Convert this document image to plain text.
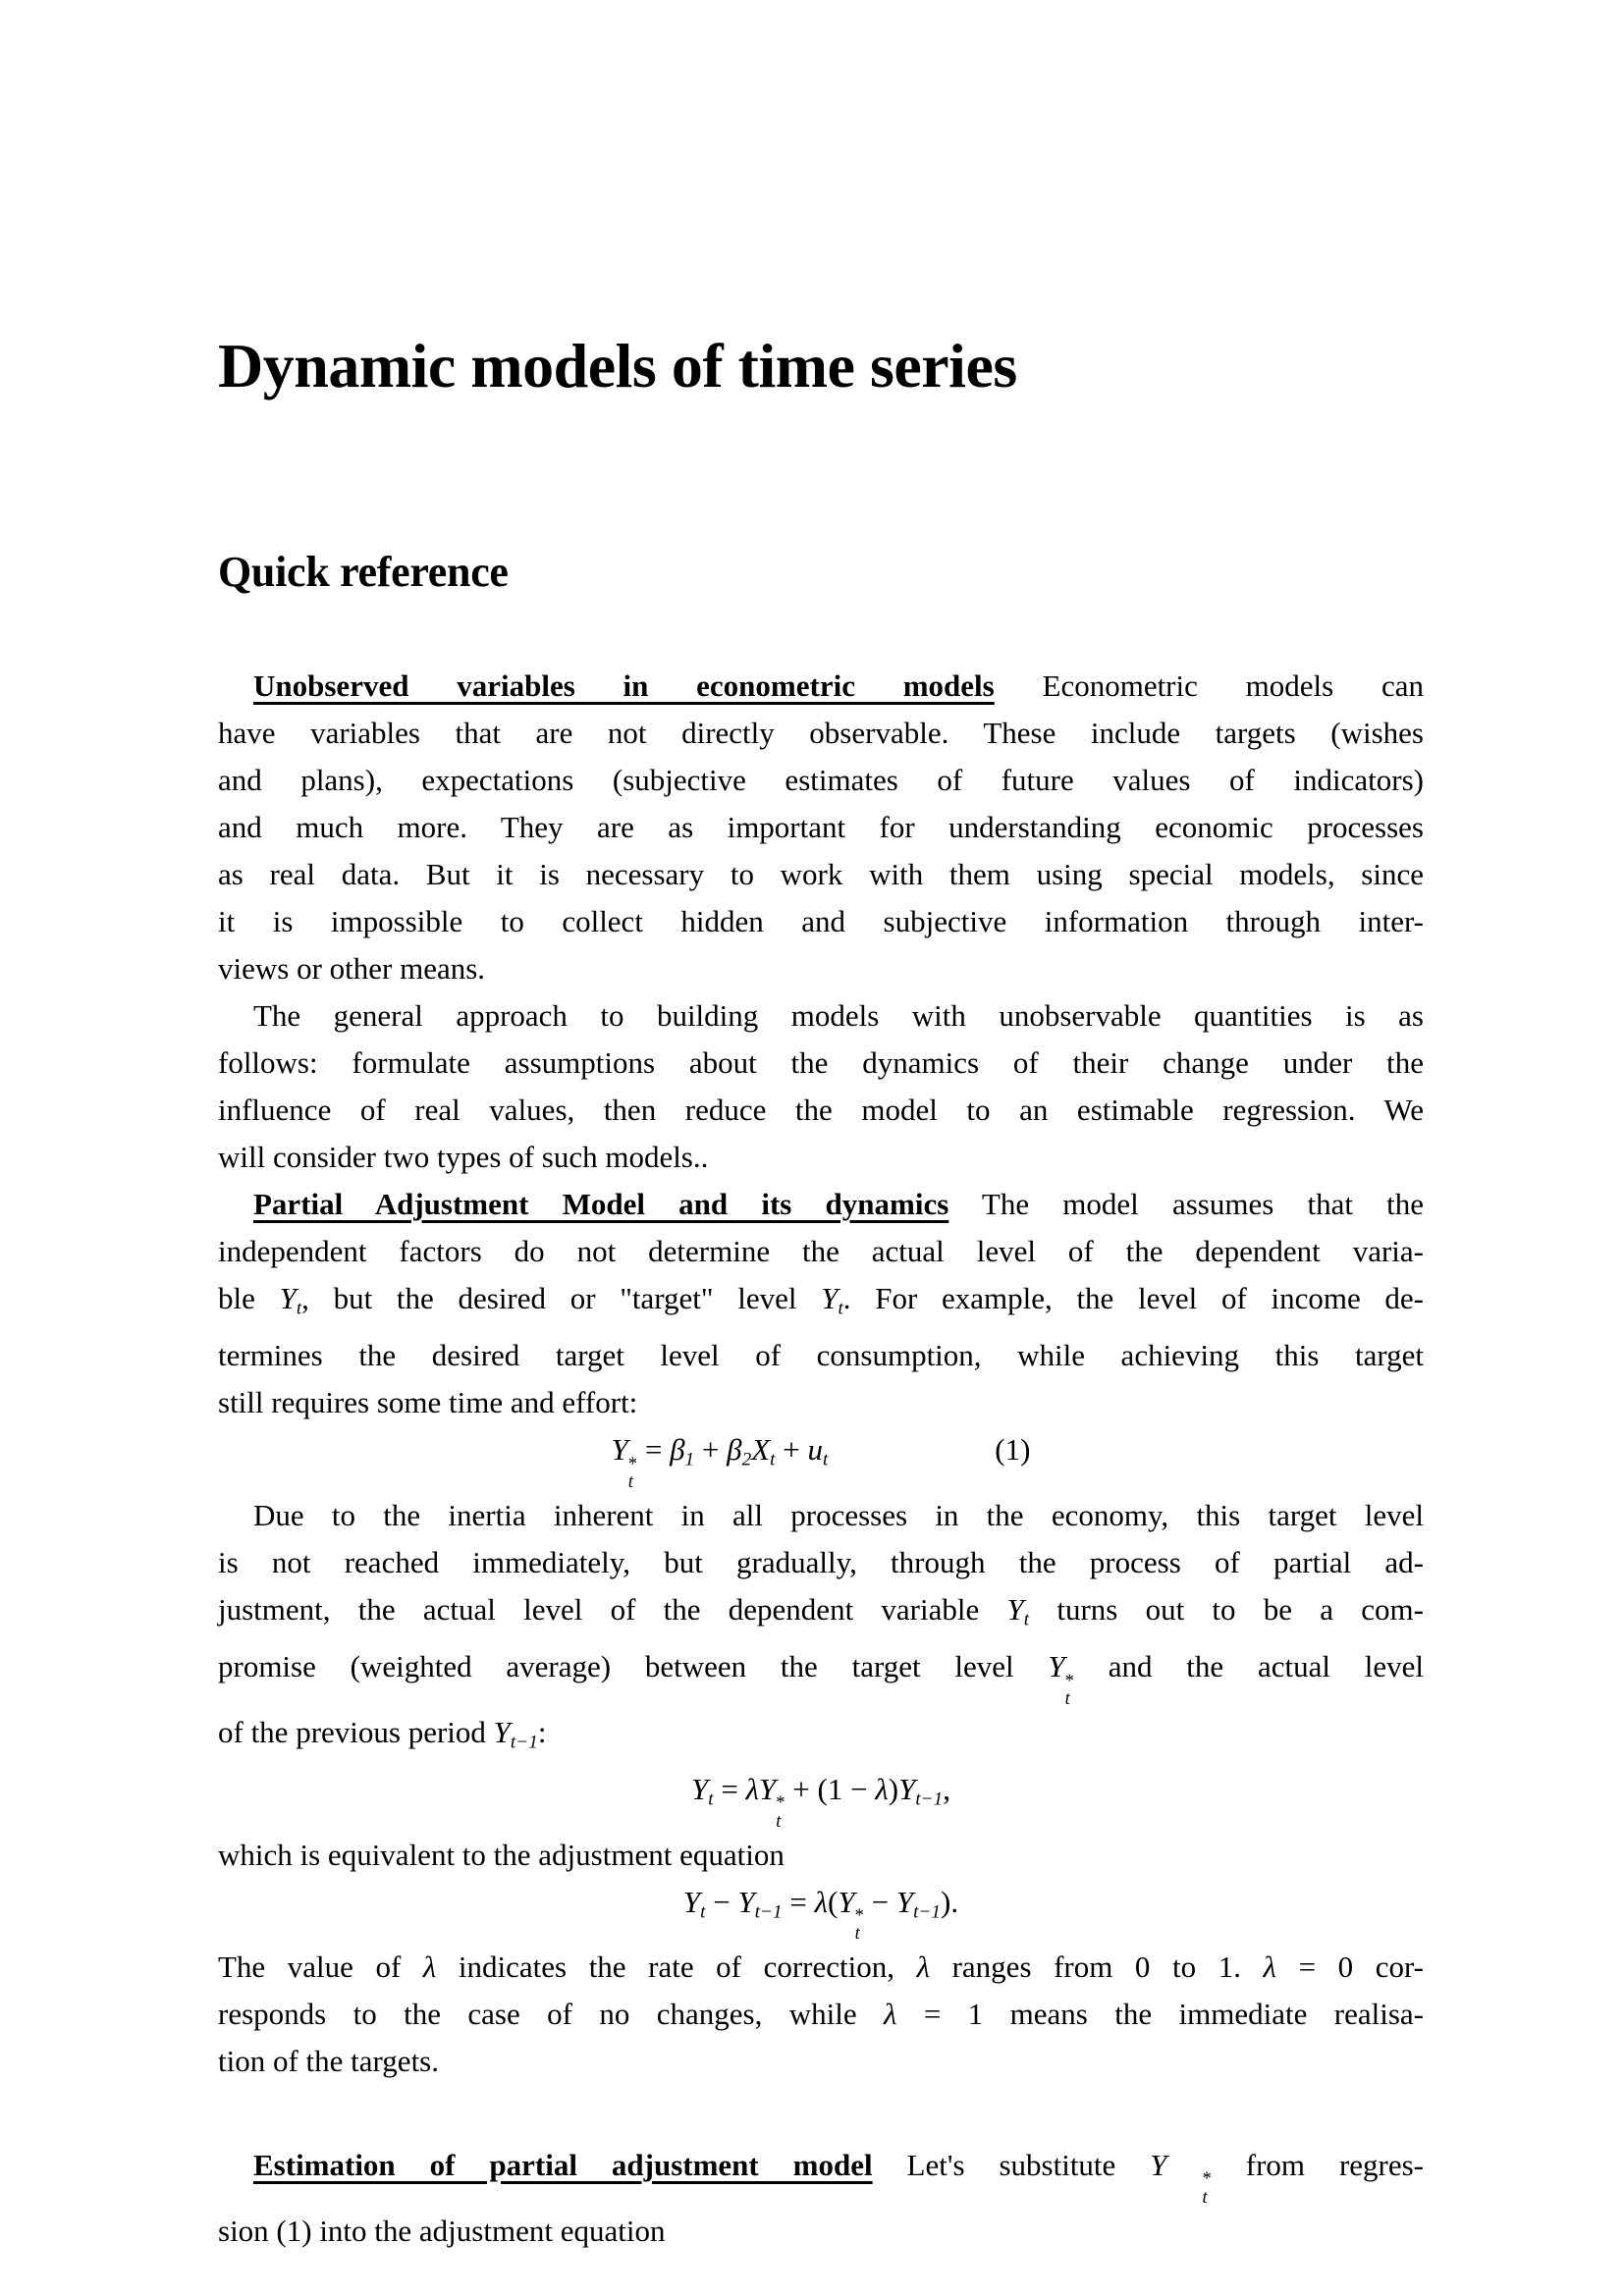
Dynamic models of time series
Quick reference
Unobserved variables in econometric models Econometric models can
have variables that are not directly observable. These include targets (wishes
and plans), expectations (subjective estimates of future values of indicators)
and much more. They are as important for understanding economic processes
as real data. But it is necessary to work with them using special models, since
it is impossible to collect hidden and subjective information through inter-
views or other means.
The general approach to building models with unobservable quantities is as
follows: formulate assumptions about the dynamics of their change under the
influence of real values, then reduce the model to an estimable regression. We
will consider two types of such models..
Partial Adjustment Model and its dynamics The model assumes that the
independent factors do not determine the actual level of the dependent varia-
ble Yt, but the desired or "target" level Yt. For example, the level of income de-
termines the desired target level of consumption, while achieving this target
still requires some time and effort:
Y *
t
= β1 + β2Xt + ut	(1)
Due to the inertia inherent in all processes in the economy, this target level
is not reached immediately, but gradually, through the process of partial ad-
justment, the actual level of the dependent variable Yt turns out to be a com-
promise (weighted average) between the target level Y *
t
and the actual level
of the previous period Yt−1:
Yt = λY *
t
+ (1 − λ)Yt−1,
which is equivalent to the adjustment equation
Yt − Yt−1 = λ(Y *
t
− Yt−1).
The value of λ indicates the rate of correction, λ ranges from 0 to 1. λ = 0 cor-
responds to the case of no changes, while λ = 1 means the immediate realisa-
tion of the targets.
Estimation of partial adjustment model Let's substitute Y	*
t
from regres-
sion (1) into the adjustment equation
